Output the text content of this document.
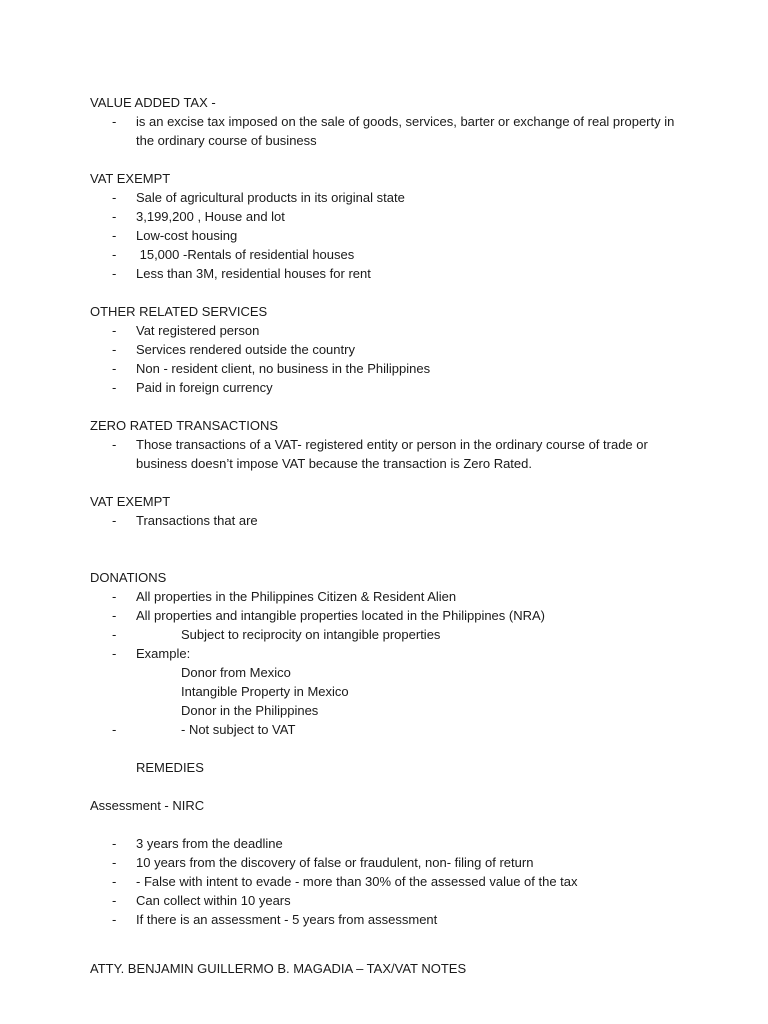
VALUE ADDED TAX -
- is an excise tax imposed on the sale of goods, services, barter or exchange of real property in the ordinary course of business
VAT EXEMPT
- Sale of agricultural products in its original state
- 3,199,200 , House and lot
- Low-cost housing
- 15,000 -Rentals of residential houses
- Less than 3M, residential houses for rent
OTHER RELATED SERVICES
- Vat registered person
- Services rendered outside the country
- Non - resident client, no business in the Philippines
- Paid in foreign currency
ZERO RATED TRANSACTIONS
- Those transactions of a VAT- registered entity or person in the ordinary course of trade or business doesn’t impose VAT because the transaction is Zero Rated.
VAT EXEMPT
- Transactions that are
DONATIONS
- All properties in the Philippines Citizen & Resident Alien
- All properties and intangible properties located in the Philippines (NRA)
-	Subject to reciprocity on intangible properties
- Example:
Donor from Mexico
Intangible Property in Mexico
Donor in the Philippines
-	- Not subject to VAT
REMEDIES
Assessment - NIRC
- 3 years from the deadline
- 10 years from the discovery of false or fraudulent, non- filing of return
- - False with intent to evade - more than 30% of the assessed value of the tax
- Can collect within 10 years
- If there is an assessment - 5 years from assessment
ATTY. BENJAMIN GUILLERMO B. MAGADIA – TAX/VAT NOTES
